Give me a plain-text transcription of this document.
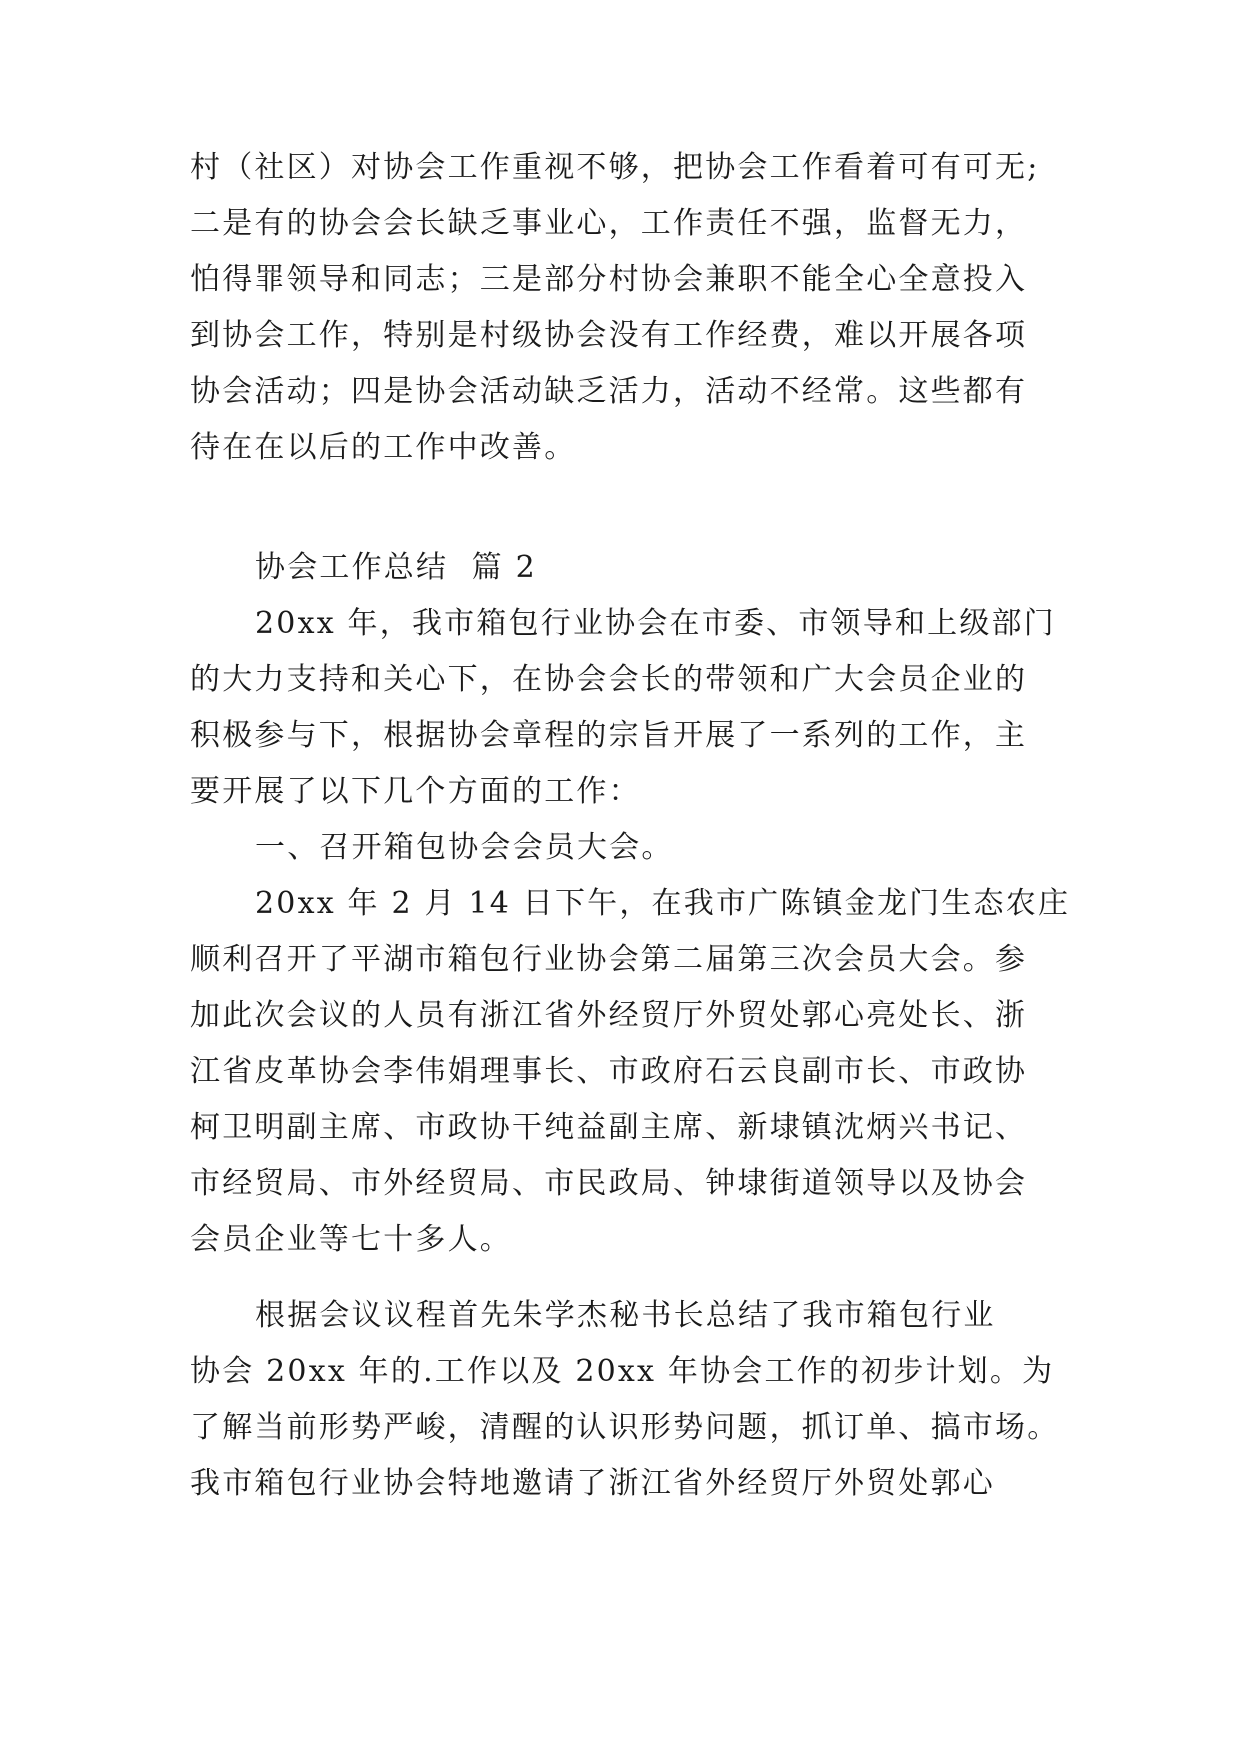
村（社区）对协会工作重视不够，把协会工作看着可有可无;
二是有的协会会长缺乏事业心，工作责任不强，监督无力，
怕得罪领导和同志；三是部分村协会兼职不能全心全意投入
到协会工作，特别是村级协会没有工作经费，难以开展各项
协会活动；四是协会活动缺乏活力，活动不经常。这些都有
待在在以后的工作中改善。
协会工作总结  篇 2
20xx 年，我市箱包行业协会在市委、市领导和上级部门
的大力支持和关心下，在协会会长的带领和广大会员企业的
积极参与下，根据协会章程的宗旨开展了一系列的工作，主
要开展了以下几个方面的工作：
一、召开箱包协会会员大会。
20xx 年 2 月 14 日下午，在我市广陈镇金龙门生态农庄
顺利召开了平湖市箱包行业协会第二届第三次会员大会。参
加此次会议的人员有浙江省外经贸厅外贸处郭心亮处长、浙
江省皮革协会李伟娟理事长、市政府石云良副市长、市政协
柯卫明副主席、市政协干纯益副主席、新埭镇沈炳兴书记、
市经贸局、市外经贸局、市民政局、钟埭街道领导以及协会
会员企业等七十多人。
根据会议议程首先朱学杰秘书长总结了我市箱包行业
协会 20xx 年的.工作以及 20xx 年协会工作的初步计划。为
了解当前形势严峻，清醒的认识形势问题，抓订单、搞市场。
我市箱包行业协会特地邀请了浙江省外经贸厅外贸处郭心
